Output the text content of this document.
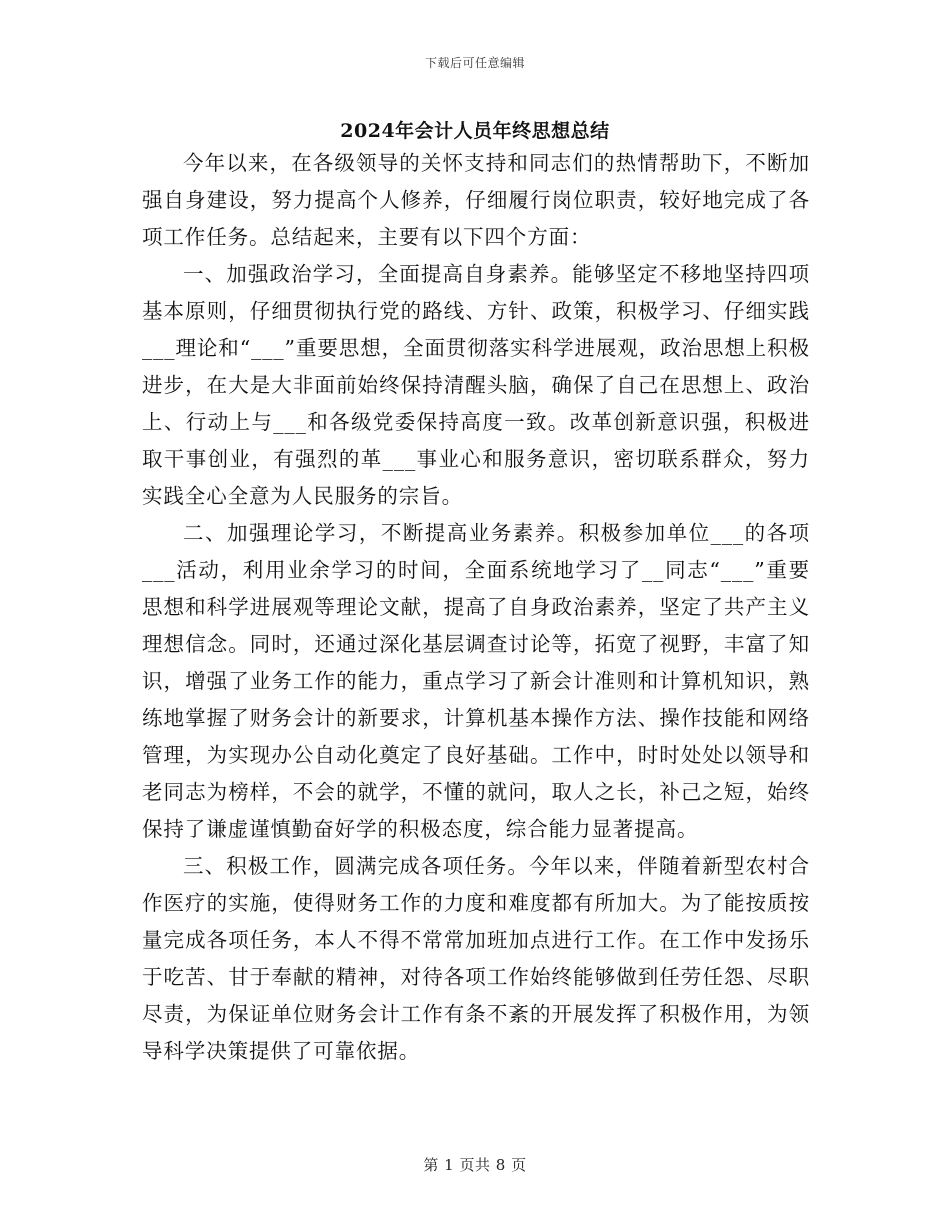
下载后可任意编辑
2024年会计人员年终思想总结

今年以来，在各级领导的关怀支持和同志们的热情帮助下，不断加强自身建设，努力提高个人修养，仔细履行岗位职责，较好地完成了各项工作任务。总结起来，主要有以下四个方面：

一、加强政治学习，全面提高自身素养。能够坚定不移地坚持四项基本原则，仔细贯彻执行党的路线、方针、政策，积极学习、仔细实践___理论和“___”重要思想，全面贯彻落实科学进展观，政治思想上积极进步，在大是大非面前始终保持清醒头脑，确保了自己在思想上、政治上、行动上与___和各级党委保持高度一致。改革创新意识强，积极进取干事创业，有强烈的革___事业心和服务意识，密切联系群众，努力实践全心全意为人民服务的宗旨。

二、加强理论学习，不断提高业务素养。积极参加单位___的各项___活动，利用业余学习的时间，全面系统地学习了__同志“___”重要思想和科学进展观等理论文献，提高了自身政治素养，坚定了共产主义理想信念。同时，还通过深化基层调查讨论等，拓宽了视野，丰富了知识，增强了业务工作的能力，重点学习了新会计准则和计算机知识，熟练地掌握了财务会计的新要求，计算机基本操作方法、操作技能和网络管理，为实现办公自动化奠定了良好基础。工作中，时时处处以领导和老同志为榜样，不会的就学，不懂的就问，取人之长，补己之短，始终保持了谦虚谨慎勤奋好学的积极态度，综合能力显著提高。

三、积极工作，圆满完成各项任务。今年以来，伴随着新型农村合作医疗的实施，使得财务工作的力度和难度都有所加大。为了能按质按量完成各项任务，本人不得不常常加班加点进行工作。在工作中发扬乐于吃苦、甘于奉献的精神，对待各项工作始终能够做到任劳任怨、尽职尽责，为保证单位财务会计工作有条不紊的开展发挥了积极作用，为领导科学决策提供了可靠依据。

第 1 页共 8 页
